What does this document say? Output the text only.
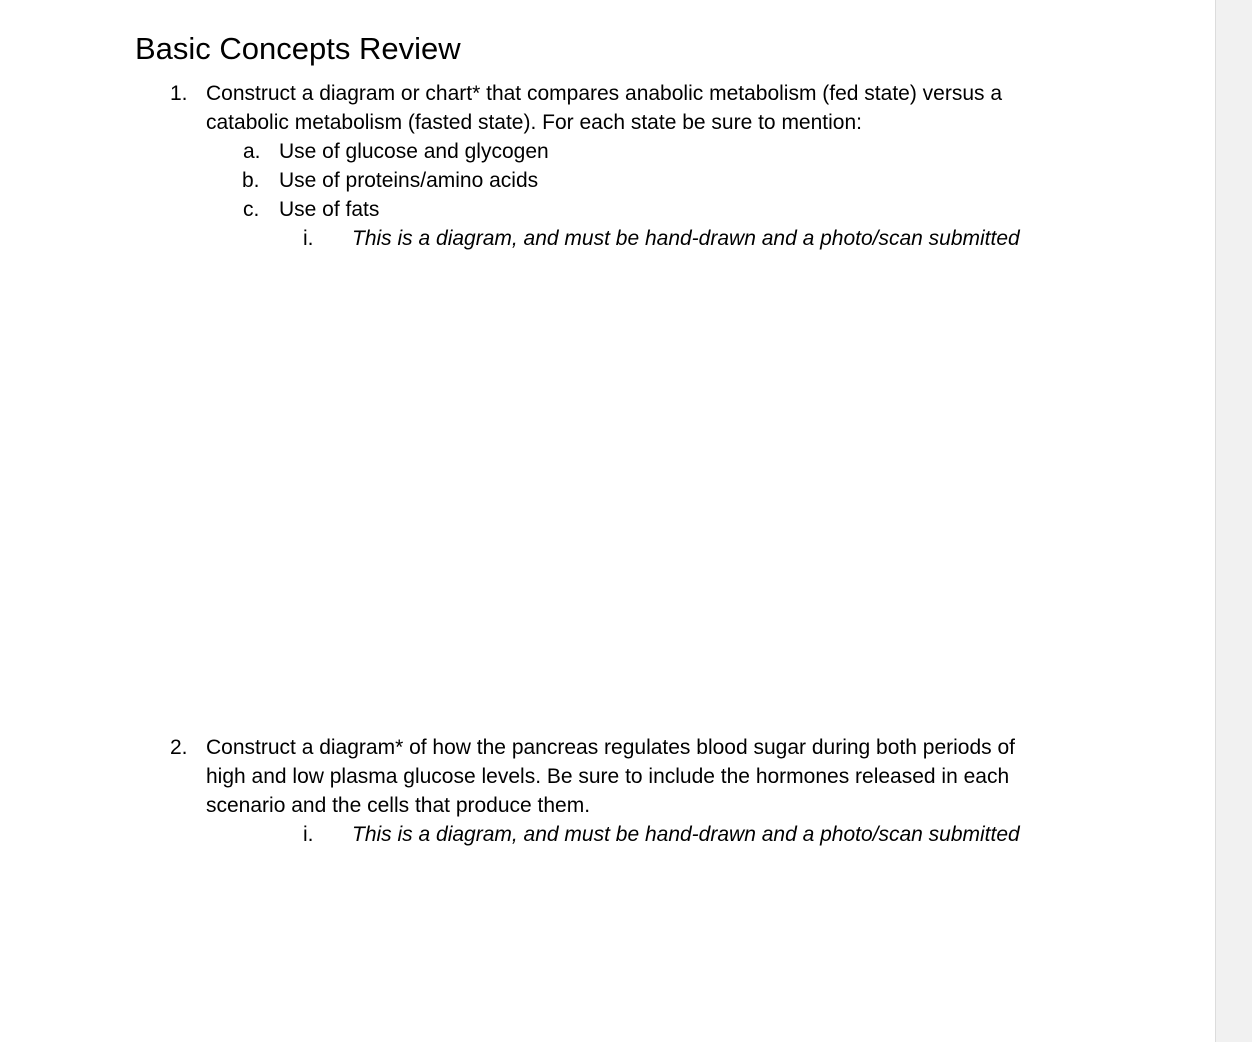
Basic Concepts Review
1. Construct a diagram or chart* that compares anabolic metabolism (fed state) versus a
catabolic metabolism (fasted state). For each state be sure to mention:
a. Use of glucose and glycogen
b. Use of proteins/amino acids
c. Use of fats
i. This is a diagram, and must be hand-drawn and a photo/scan submitted
2. Construct a diagram* of how the pancreas regulates blood sugar during both periods of
high and low plasma glucose levels. Be sure to include the hormones released in each
scenario and the cells that produce them.
i. This is a diagram, and must be hand-drawn and a photo/scan submitted
